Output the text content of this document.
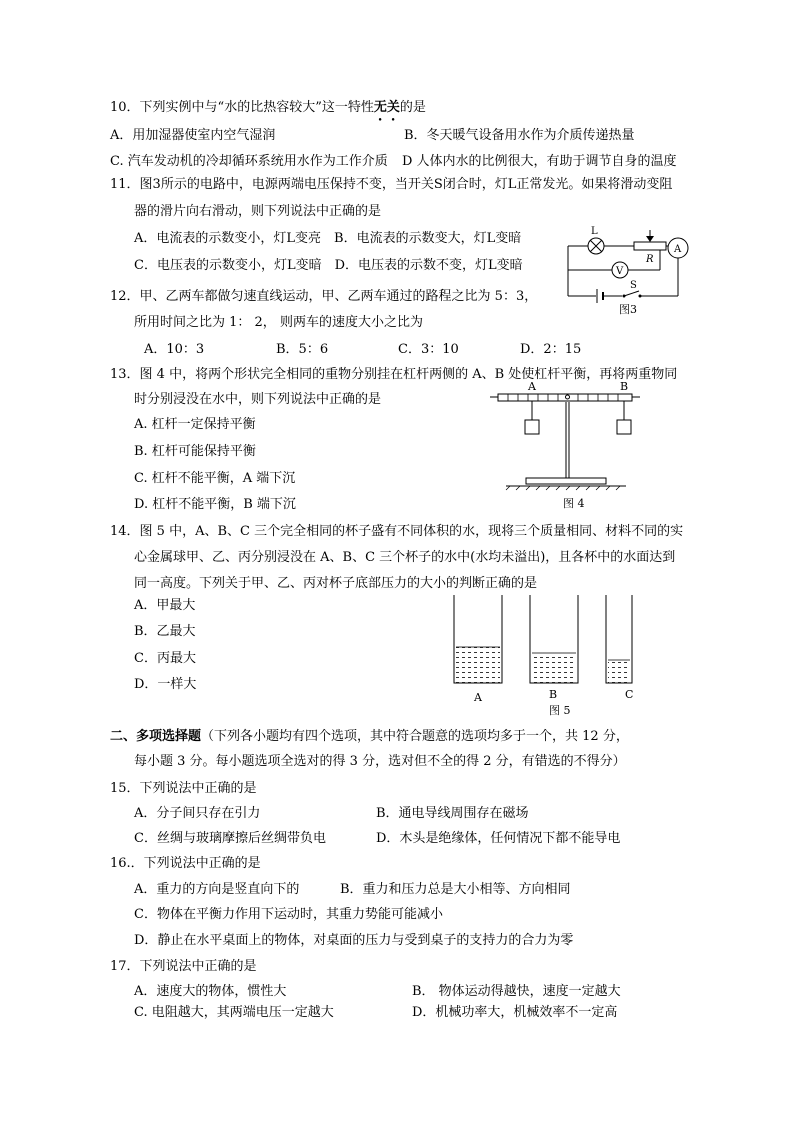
10．下列实例中与“水的比热容较大”这一特性无关的是
A．用加湿器使室内空气湿润	B．冬天暖气设备用水作为介质传递热量
C. 汽车发动机的冷却循环系统用水作为工作介质 D 人体内水的比例很大，有助于调节自身的温度
11．图3所示的电路中，电源两端电压保持不变，当开关S闭合时，灯L正常发光。如果将滑动变阻
器的滑片向右滑动，则下列说法中正确的是
A．电流表的示数变小，灯L变亮　B．电流表的示数变大，灯L变暗
C．电压表的示数变小，灯L变暗　D．电压表的示数不变，灯L变暗
L
R
A
V
S
图3
12．甲、乙两车都做匀速直线运动，甲、乙两车通过的路程之比为 5：3，
所用时间之比为 1： 2， 则两车的速度大小之比为
A．10：3	B．5：6	C．3：10	D．2：15
13．图 4 中，将两个形状完全相同的重物分别挂在杠杆两侧的 A、B 处使杠杆平衡，再将两重物同
时分别浸没在水中，则下列说法中正确的是
A. 杠杆一定保持平衡
B. 杠杆可能保持平衡
C. 杠杆不能平衡，A 端下沉
D. 杠杆不能平衡，B 端下沉
A	B
图 4
14．图 5 中，A、B、C 三个完全相同的杯子盛有不同体积的水，现将三个质量相同、材料不同的实
心金属球甲、乙、丙分别浸没在 A、B、C 三个杯子的水中(水均未溢出)，且各杯中的水面达到
同一高度。下列关于甲、乙、丙对杯子底部压力的大小的判断正确的是
A．甲最大
B．乙最大
C．丙最大
D．一样大
A	B	C
图 5
二、多项选择题（下列各小题均有四个选项，其中符合题意的选项均多于一个，共 12 分，
每小题 3 分。每小题选项全选对的得 3 分，选对但不全的得 2 分，有错选的不得分）
15．下列说法中正确的是
A．分子间只存在引力	B．通电导线周围存在磁场
C．丝绸与玻璃摩擦后丝绸带负电	D．木头是绝缘体，任何情况下都不能导电
16.．下列说法中正确的是
A．重力的方向是竖直向下的	B．重力和压力总是大小相等、方向相同
C．物体在平衡力作用下运动时，其重力势能可能减小
D．静止在水平桌面上的物体，对桌面的压力与受到桌子的支持力的合力为零
17．下列说法中正确的是
A．速度大的物体，惯性大	B． 物体运动得越快，速度一定越大
C. 电阻越大，其两端电压一定越大	D．机械功率大，机械效率不一定高
